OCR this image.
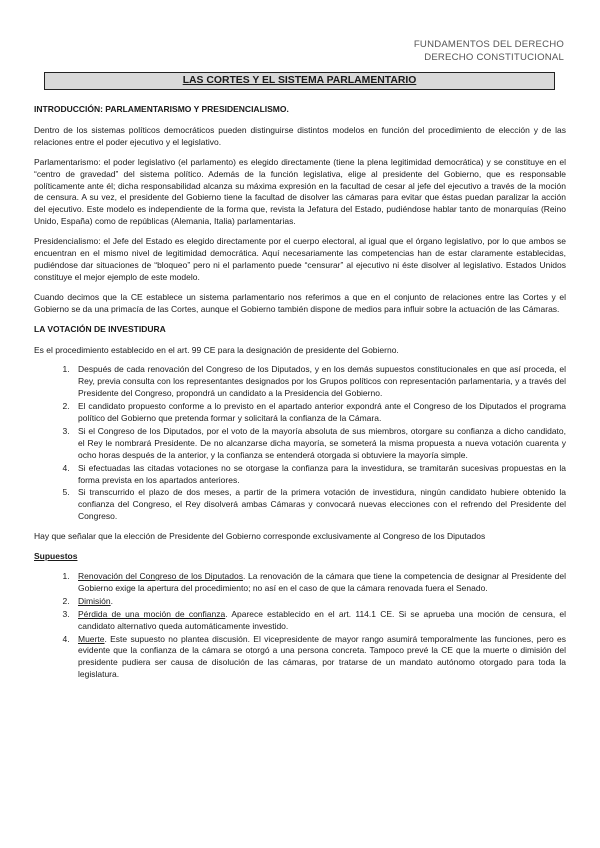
FUNDAMENTOS DEL DERECHO
DERECHO CONSTITUCIONAL
LAS CORTES Y EL SISTEMA PARLAMENTARIO
INTRODUCCIÓN: PARLAMENTARISMO Y PRESIDENCIALISMO.

Dentro de los sistemas políticos democráticos pueden distinguirse distintos modelos en función del procedimiento de elección y de las relaciones entre el poder ejecutivo y el legislativo.

Parlamentarismo: el poder legislativo (el parlamento) es elegido directamente (tiene la plena legitimidad democrática) y se constituye en el “centro de gravedad” del sistema político. Además de la función legislativa, elige al presidente del Gobierno, que es responsable políticamente ante él; dicha responsabilidad alcanza su máxima expresión en la facultad de cesar al jefe del ejecutivo a través de la moción de censura. A su vez, el presidente del Gobierno tiene la facultad de disolver las cámaras para evitar que éstas puedan paralizar la acción del ejecutivo. Este modelo es independiente de la forma que, revista la Jefatura del Estado, pudiéndose hablar tanto de monarquías (Reino Unido, España) como de repúblicas (Alemania, Italia) parlamentarias.

Presidencialismo: el Jefe del Estado es elegido directamente por el cuerpo electoral, al igual que el órgano legislativo, por lo que ambos se encuentran en el mismo nivel de legitimidad democrática. Aquí necesariamente las competencias han de estar claramente establecidas, pudiéndose dar situaciones de “bloqueo” pero ni el parlamento puede “censurar” al ejecutivo ni éste disolver al legislativo. Estados Unidos constituye el mejor ejemplo de este modelo.

Cuando decimos que la CE establece un sistema parlamentario nos referimos a que en el conjunto de relaciones entre las Cortes y el Gobierno se da una primacía de las Cortes, aunque el Gobierno también dispone de medios para influir sobre la actuación de las Cámaras.

LA VOTACIÓN DE INVESTIDURA

Es el procedimiento establecido en el art. 99 CE para la designación de presidente del Gobierno.

1. Después de cada renovación del Congreso de los Diputados, y en los demás supuestos constitucionales en que así proceda, el Rey, previa consulta con los representantes designados por los Grupos políticos con representación parlamentaria, y a través del Presidente del Congreso, propondrá un candidato a la Presidencia del Gobierno.
2. El candidato propuesto conforme a lo previsto en el apartado anterior expondrá ante el Congreso de los Diputados el programa político del Gobierno que pretenda formar y solicitará la confianza de la Cámara.
3. Si el Congreso de los Diputados, por el voto de la mayoría absoluta de sus miembros, otorgare su confianza a dicho candidato, el Rey le nombrará Presidente. De no alcanzarse dicha mayoría, se someterá la misma propuesta a nueva votación cuarenta y ocho horas después de la anterior, y la confianza se entenderá otorgada si obtuviere la mayoría simple.
4. Si efectuadas las citadas votaciones no se otorgase la confianza para la investidura, se tramitarán sucesivas propuestas en la forma prevista en los apartados anteriores.
5. Si transcurrido el plazo de dos meses, a partir de la primera votación de investidura, ningún candidato hubiere obtenido la confianza del Congreso, el Rey disolverá ambas Cámaras y convocará nuevas elecciones con el refrendo del Presidente del Congreso.

Hay que señalar que la elección de Presidente del Gobierno corresponde exclusivamente al Congreso de los Diputados

Supuestos
1. Renovación del Congreso de los Diputados. La renovación de la cámara que tiene la competencia de designar al Presidente del Gobierno exige la apertura del procedimiento; no así en el caso de que la cámara renovada fuera el Senado.
2. Dimisión.
3. Pérdida de una moción de confianza. Aparece establecido en el art. 114.1 CE. Si se aprueba una moción de censura, el candidato alternativo queda automáticamente investido.
4. Muerte. Este supuesto no plantea discusión. El vicepresidente de mayor rango asumirá temporalmente las funciones, pero es evidente que la confianza de la cámara se otorgó a una persona concreta. Tampoco prevé la CE que la muerte o dimisión del presidente pudiera ser causa de disolución de las cámaras, por tratarse de un mandato autónomo otorgado para toda la legislatura.
